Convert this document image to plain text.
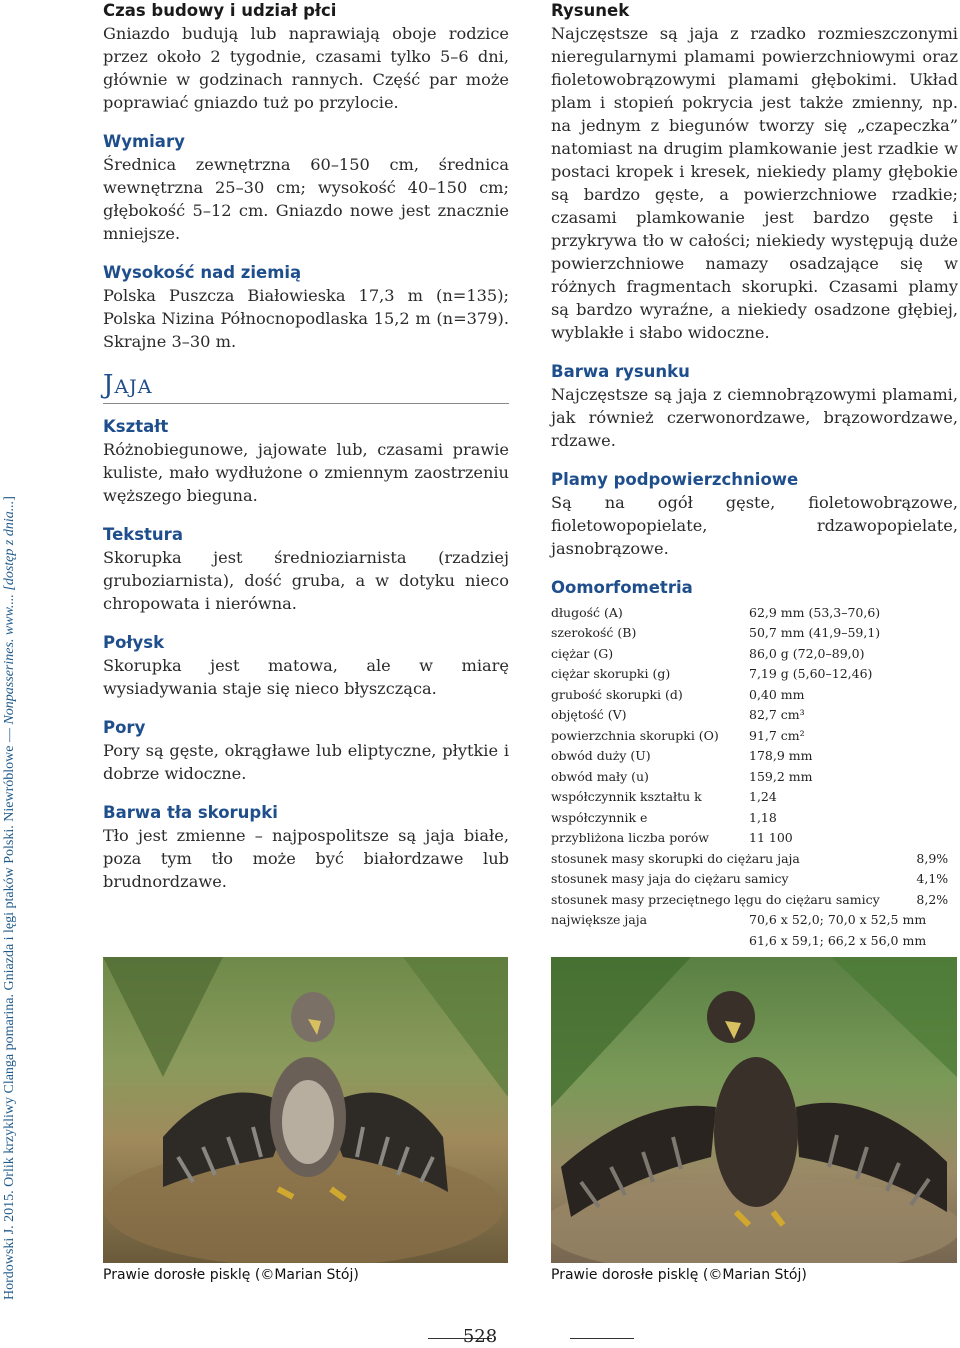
Hordowski J. 2015. Orlik krzykliwy Clanga pomarina. Gniazda i lęgi ptaków Polski. Niewróblowe — Nonpasserines. www.... [dostęp z dnia...]
Czas budowy i udział płci

Gniazdo budują lub naprawiają oboje rodzice przez około 2 tygodnie, czasami tylko 5–6 dni, głównie w godzinach rannych. Część par może poprawiać gniazdo tuż po przylocie.

Wymiary

Średnica zewnętrzna 60–150 cm, średnica wewnętrzna 25–30 cm; wysokość 40–150 cm; głębokość 5–12 cm. Gniazdo nowe jest znacznie mniejsze.

Wysokość nad ziemią

Polska Puszcza Białowieska 17,3 m (n=135); Polska Nizina Północnopodlaska 15,2 m (n=379). Skrajne 3–30 m.

JAJA
Kształt

Różnobiegunowe, jajowate lub, czasami prawie kuliste, mało wydłużone o zmiennym zaostrzeniu węższego bieguna.

Tekstura

Skorupka jest średnioziarnista (rzadziej gruboziarnista), dość gruba, a w dotyku nieco chropowata i nierówna.

Połysk

Skorupka jest matowa, ale w miarę wysiadywania staje się nieco błyszcząca.

Pory

Pory są gęste, okrągławe lub eliptyczne, płytkie i dobrze widoczne.

Barwa tła skorupki

Tło jest zmienne – najpospolitsze są jaja białe, poza tym tło może być białordzawe lub brudnordzawe.

Rysunek

Najczęstsze są jaja z rzadko rozmieszczonymi nieregularnymi plamami powierzchniowymi oraz fioletowobrązowymi plamami głębokimi. Układ plam i stopień pokrycia jest także zmienny, np. na jednym z biegunów tworzy się „czapeczka” natomiast na drugim plamkowanie jest rzadkie w postaci kropek i kresek, niekiedy plamy głębokie są bardzo gęste, a powierzchniowe rzadkie; czasami plamkowanie jest bardzo gęste i przykrywa tło w całości; niekiedy występują duże powierzchniowe namazy osadzające się w różnych fragmentach skorupki. Czasami plamy są bardzo wyraźne, a niekiedy osadzone głębiej, wyblakłe i słabo widoczne.

Barwa rysunku

Najczęstsze są jaja z ciemnobrązowymi plamami, jak również czerwonordzawe, brązowordzawe, rdzawe.

Plamy podpowierzchniowe

Są na ogół gęste, fioletowobrązowe, fioletowopopielate, rdzawopopielate, jasnobrązowe.

Oomorfometria
długość (A)	62,9 mm (53,3–70,6)	
szerokość (B)	50,7 mm (41,9–59,1)	
ciężar (G)	86,0 g (72,0–89,0)	
ciężar skorupki (g)	7,19 g (5,60–12,46)	
grubość skorupki (d)	0,40 mm	
objętość (V)	82,7 cm³	
powierzchnia skorupki (O)	91,7 cm²	
obwód duży (U)	178,9 mm	
obwód mały (u)	159,2 mm	
współczynnik kształtu k	1,24	
współczynnik e	1,18	
przybliżona liczba porów	11 100	
stosunek masy skorupki do ciężaru jaja		8,9%
stosunek masy jaja do ciężaru samicy		4,1%
stosunek masy przeciętnego lęgu do ciężaru samicy		8,2%
największe jaja	70,6 x 52,0; 70,0 x 52,5 mm	
	61,6 x 59,1; 66,2 x 56,0 mm	
Prawie dorosłe pisklę (©Marian Stój)	Prawie dorosłe pisklę (©Marian Stój)
528
